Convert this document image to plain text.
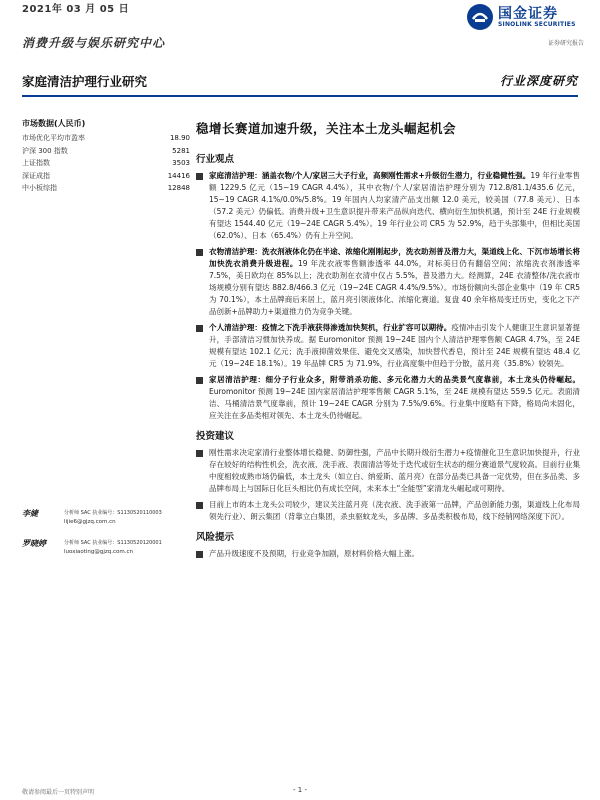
2021年 03 月 05 日	国金证券
SINOLINK SECURITIES
证券研究报告
消费升级与娱乐研究中心
家庭清洁护理行业研究	行业深度研究
市场数据(人民币)
市场优化平均市盈率	18.90
沪深 300 指数	5281
上证指数	3503
深证成指	14416
中小板综指	12848
李婕	分析师 SAC 执业编号：S1130520110003
lijie6@gjzq.com.cn
罗晓婷	分析师 SAC 执业编号：S1130520120001
luoxiaoting@gjzq.com.cn
稳增长赛道加速升级，关注本土龙头崛起机会
行业观点
家庭清洁护理：涵盖衣物/个人/家居三大子行业，高频刚性需求+升级衍生潜力，行业稳健性强。19 年行业零售额 1229.5 亿元（15~19 CAGR 4.4%），其中衣物/个人/家居清洁护理分别为 712.8/81.1/435.6 亿元，15~19 CAGR 4.1%/0.0%/5.8%。19 年国内人均家清产品支出额 12.0 美元，较美国（77.8 美元）、日本（57.2 美元）仍偏低。消费升级+卫生意识提升带来产品纵向迭代、横向衍生加快机遇，预计至 24E 行业规模有望达 1544.40 亿元（19~24E CAGR 5.4%）。19 年行业公司 CR5 为 52.9%，趋于头部集中，但相比美国（62.0%）、日本（65.4%）仍有上升空间。
衣物清洁护理：洗衣剂液体化仍在半途、浓缩化刚刚起步，洗衣助剂普及潜力大，渠道线上化、下沉市场增长将加快洗衣消费升级进程。19 年洗衣液零售额渗透率 44.0%，对标美日仍有翻倍空间；浓缩洗衣剂渗透率 7.5%，美日欧均在 85%以上；洗衣助剂在衣清中仅占 5.5%，普及潜力大。经测算，24E 衣清整体/洗衣液市场规模分别有望达 882.8/466.3 亿元（19~24E CAGR 4.4%/9.5%）。市场份额向头部企业集中（19 年 CR5 为 70.1%），本土品牌商后来居上，蓝月亮引领液体化、浓缩化赛道。复盘 40 余年格局变迁历史，变化之下产品创新+品牌助力+渠道推力仍为竞争关键。
个人清洁护理：疫情之下洗手液获得渗透加快契机，行业扩容可以期待。疫情冲击引发个人健康卫生意识显著提升，手部清洁习惯加快养成。据 Euromonitor 预测 19~24E 国内个人清洁护理零售额 CAGR 4.7%，至 24E 规模有望达 102.1 亿元；洗手液抑菌效果佳、避免交叉感染，加快替代香皂，预计至 24E 规模有望达 48.4 亿元（19~24E 18.1%）。19 年品牌 CR5 为 71.9%，行业高度集中但趋于分散，蓝月亮（35.8%）较领先。
家居清洁护理：细分子行业众多，附带消杀功能、多元化潜力大的品类景气度靠前，本土龙头仍待崛起。Euromonitor 预测 19~24E 国内家居清洁护理零售额 CAGR 5.1%，至 24E 规模有望达 559.5 亿元。表面清洁、马桶清洁景气度靠前，预计 19~24E CAGR 分别为 7.5%/9.6%。行业集中度略有下降，格局尚未固化，应关注在多品类相对领先、本土龙头仍待崛起。
投资建议
刚性需求决定家清行业整体增长稳健、防御性强，产品中长期升级衍生潜力+疫情催化卫生意识加快提升，行业存在较好的结构性机会，洗衣液、洗手液、表面清洁等处于迭代或衍生状态的细分赛道景气度较高。目前行业集中度相较成熟市场仍偏低，本土龙头（如立白、纳爱斯、蓝月亮）在部分品类已具备一定优势，但在多品类、多品牌布局上与国际日化巨头相比仍有成长空间，未来本土“全能型”家清龙头崛起或可期待。
目前上市的本土龙头公司较少，建议关注蓝月亮（洗衣液、洗手液第一品牌，产品创新能力强，渠道线上化布局领先行业）、朗云集团（背靠立白集团，杀虫驱蚊龙头，多品牌、多品类积极布局，线下经销网络深度下沉）。
风险提示
产品升级速度不及预期，行业竞争加剧，原材料价格大幅上涨。
敬请参阅最后一页特别声明	- 1 -
